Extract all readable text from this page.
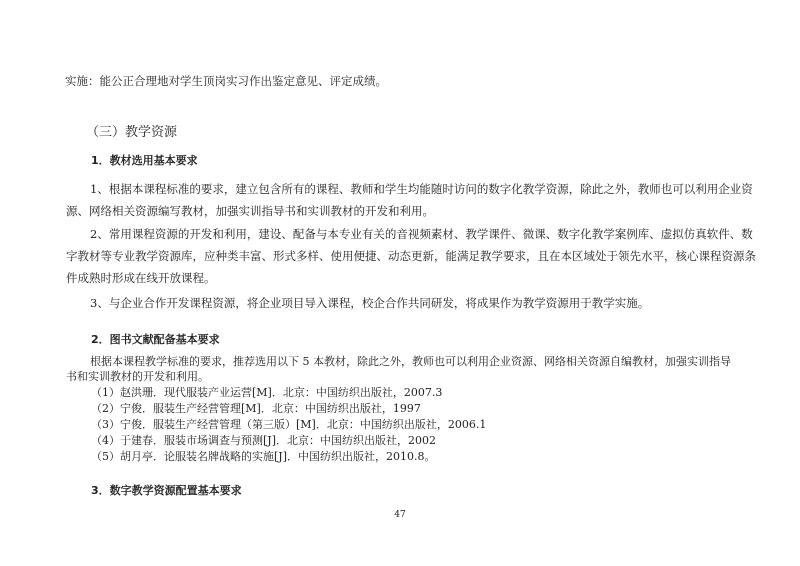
实施：能公正合理地对学生顶岗实习作出鉴定意见、评定成绩。
（三）教学资源
1．教材选用基本要求
1、根据本课程标准的要求，建立包含所有的课程、教师和学生均能随时访问的数字化教学资源，除此之外，教师也可以利用企业资
源、网络相关资源编写教材，加强实训指导书和实训教材的开发和利用。
2、常用课程资源的开发和利用，建设、配备与本专业有关的音视频素材、教学课件、微课、数字化教学案例库、虚拟仿真软件、数
字教材等专业教学资源库，应种类丰富、形式多样、使用便捷、动态更新，能满足教学要求，且在本区域处于领先水平，核心课程资源条
件成熟时形成在线开放课程。
3、与企业合作开发课程资源，将企业项目导入课程，校企合作共同研发，将成果作为教学资源用于教学实施。
2．图书文献配备基本要求
根据本课程教学标准的要求，推荐选用以下 5 本教材，除此之外，教师也可以利用企业资源、网络相关资源自编教材，加强实训指导
书和实训教材的开发和利用。
（1）赵洪珊．现代服装产业运营[M]．北京：中国纺织出版社，2007.3
（2）宁俊．服装生产经营管理[M]．北京：中国纺织出版社，1997
（3）宁俊．服装生产经营管理（第三版）[M]．北京：中国纺织出版社，2006.1
（4）于建春．服装市场调查与预测[J]．北京：中国纺织出版社，2002
（5）胡月亭．论服装名牌战略的实施[J]．中国纺织出版社，2010.8。
3．数字教学资源配置基本要求
47
